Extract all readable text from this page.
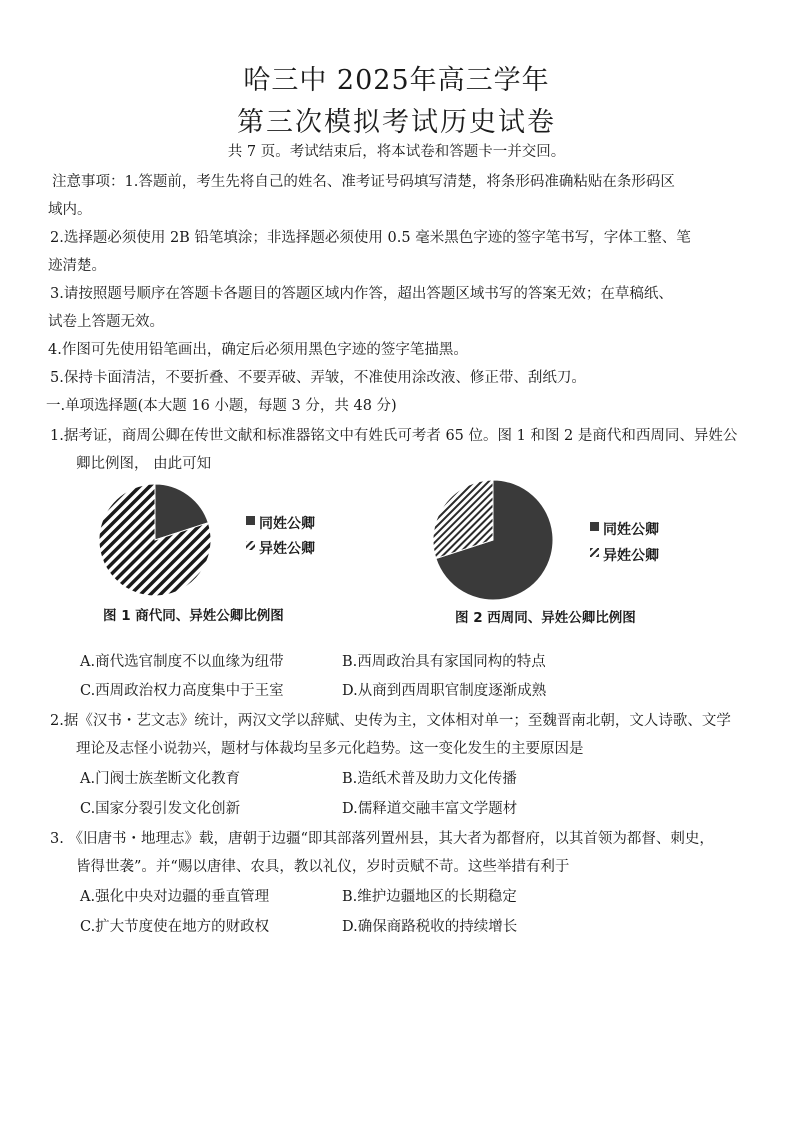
哈三中 2025年高三学年
第三次模拟考试历史试卷
共 7 页。考试结束后，将本试卷和答题卡一并交回。
注意事项：1.答题前，考生先将自己的姓名、准考证号码填写清楚，将条形码准确粘贴在条形码区
域内。
2.选择题必须使用 2B 铅笔填涂；非选择题必须使用 0.5 毫米黑色字迹的签字笔书写，字体工整、笔
迹清楚。
3.请按照题号顺序在答题卡各题目的答题区域内作答，超出答题区域书写的答案无效；在草稿纸、
试卷上答题无效。
4.作图可先使用铅笔画出，确定后必须用黑色字迹的签字笔描黑。
5.保持卡面清洁，不要折叠、不要弄破、弄皱，不准使用涂改液、修正带、刮纸刀。
一.单项选择题(本大题 16 小题，每题 3 分，共 48 分)
1.据考证，商周公卿在传世文献和标准器铭文中有姓氏可考者 65 位。图 1 和图 2 是商代和西周同、异姓公
卿比例图， 由此可知
同姓公卿
异姓公卿
同姓公卿
异姓公卿
图 1 商代同、异姓公卿比例图	图 2 西周同、异姓公卿比例图
A.商代选官制度不以血缘为纽带	B.西周政治具有家国同构的特点
C.西周政治权力高度集中于王室	D.从商到西周职官制度逐渐成熟
2.据《汉书・艺文志》统计，两汉文学以辞赋、史传为主，文体相对单一；至魏晋南北朝，文人诗歌、文学
理论及志怪小说勃兴，题材与体裁均呈多元化趋势。这一变化发生的主要原因是
A.门阀士族垄断文化教育	B.造纸术普及助力文化传播
C.国家分裂引发文化创新	D.儒释道交融丰富文学题材
3. 《旧唐书・地理志》载，唐朝于边疆“即其部落列置州县，其大者为都督府，以其首领为都督、刺史，
皆得世袭”。并“赐以唐律、农具，教以礼仪，岁时贡赋不苛。这些举措有利于
A.强化中央对边疆的垂直管理	B.维护边疆地区的长期稳定
C.扩大节度使在地方的财政权	D.确保商路税收的持续增长
